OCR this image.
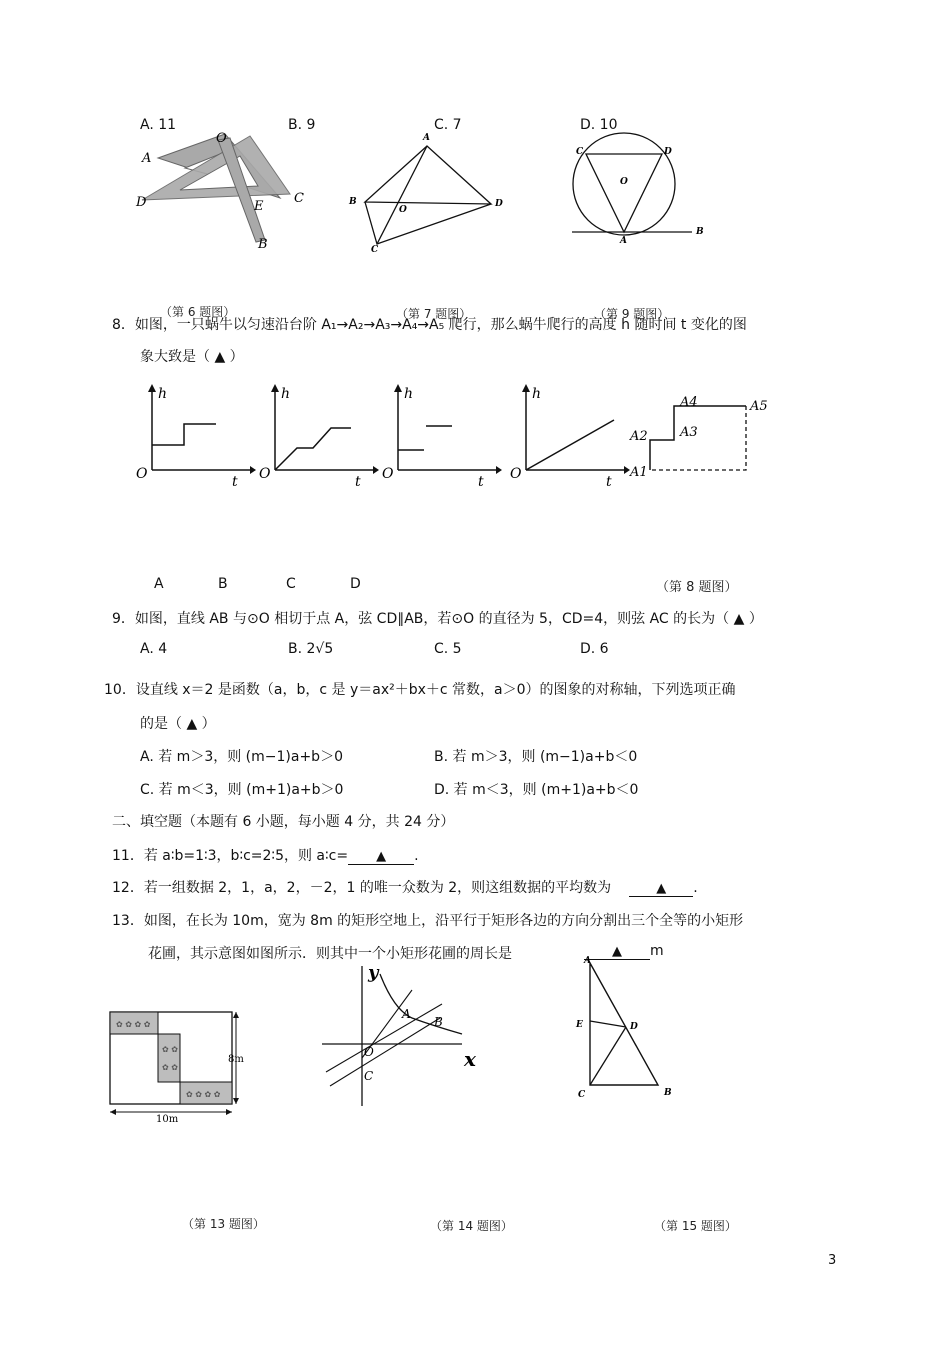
A. 11	B. 9	C. 7	D. 10
O
A
D	E
C
B
A
B
O
D
C
C	D
O
A
B
（第 6 题图）	（第 7 题图）	（第 9 题图）
8．如图，一只蜗牛以匀速沿台阶 A₁→A₂→A₃→A₄→A₅ 爬行，那么蜗牛爬行的高度 h 随时间 t 变化的图
象大致是（ ▲ ）
h
t
O
h
t
O
h
t
O
h
t
O	A1
A2 A3
A4	A5
A	B	C	D	（第 8 题图）
9．如图，直线 AB 与⊙O 相切于点 A，弦 CD∥AB，若⊙O 的直径为 5，CD=4，则弦 AC 的长为（ ▲ ）
A. 4	B. 2√5	C. 5	D. 6
10．设直线 x＝2 是函数（a，b，c 是 y＝ax²＋bx＋c 常数，a＞0）的图象的对称轴，下列选项正确
的是（ ▲ ）
A. 若 m＞3，则 (m−1)a+b＞0	B. 若 m＞3，则 (m−1)a+b＜0
C. 若 m＜3，则 (m+1)a+b＞0	D. 若 m＜3，则 (m+1)a+b＜0
二、填空题（本题有 6 小题，每小题 4 分，共 24 分）
11．若 a∶b=1∶3，b∶c=2∶5，则 a∶c= ▲ .
12．若一组数据 2，1，a，2，－2，1 的唯一众数为 2，则这组数据的平均数为	▲ .
13．如图，在长为 10m，宽为 8m 的矩形空地上，沿平行于矩形各边的方向分割出三个全等的小矩形
花圃，其示意图如图所示．则其中一个小矩形花圃的周长是	▲ m
✿ ✿ ✿ ✿
✿ ✿
✿ ✿
✿ ✿ ✿ ✿
8m
10m
y
x
A
B
O
C
A
E	D
C	B
（第 13 题图）	（第 14 题图）	（第 15 题图）
3
